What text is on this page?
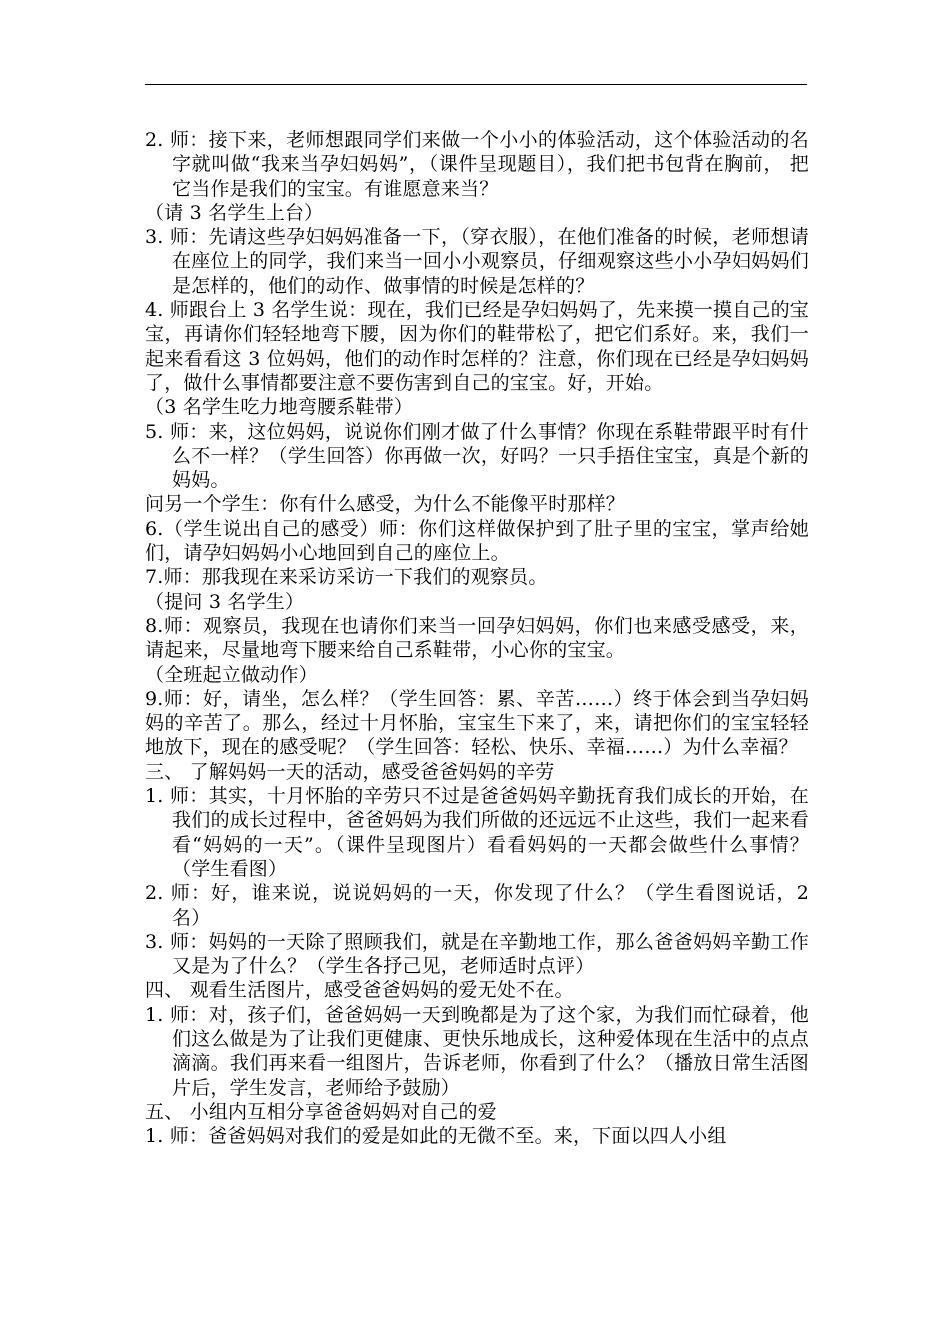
2. 师：接下来，老师想跟同学们来做一个小小的体验活动，这个体验活动的名字就叫做“我来当孕妇妈妈”，（课件呈现题目），我们把书包背在胸前， 把它当作是我们的宝宝。有谁愿意来当？

（请 3 名学生上台）

3. 师：先请这些孕妇妈妈准备一下，（穿衣服），在他们准备的时候，老师想请在座位上的同学，我们来当一回小小观察员，仔细观察这些小小孕妇妈妈们是怎样的，他们的动作、做事情的时候是怎样的？

4. 师跟台上 3 名学生说：现在，我们已经是孕妇妈妈了，先来摸一摸自己的宝宝，再请你们轻轻地弯下腰，因为你们的鞋带松了，把它们系好。来，我们一起来看看这 3 位妈妈，他们的动作时怎样的？注意，你们现在已经是孕妇妈妈了，做什么事情都要注意不要伤害到自己的宝宝。好，开始。

（3 名学生吃力地弯腰系鞋带）

5. 师：来，这位妈妈，说说你们刚才做了什么事情？你现在系鞋带跟平时有什么不一样？（学生回答）你再做一次，好吗？一只手捂住宝宝，真是个新的妈妈。

问另一个学生：你有什么感受，为什么不能像平时那样？

6.（学生说出自己的感受）师：你们这样做保护到了肚子里的宝宝，掌声给她们，请孕妇妈妈小心地回到自己的座位上。

7.师：那我现在来采访采访一下我们的观察员。

（提问 3 名学生）

8.师：观察员，我现在也请你们来当一回孕妇妈妈，你们也来感受感受，来，请起来，尽量地弯下腰来给自己系鞋带，小心你的宝宝。

（全班起立做动作）

9.师：好，请坐，怎么样？（学生回答：累、辛苦……）终于体会到当孕妇妈妈的辛苦了。那么，经过十月怀胎，宝宝生下来了，来，请把你们的宝宝轻轻地放下，现在的感受呢？（学生回答：轻松、快乐、幸福……）为什么幸福？

三、 了解妈妈一天的活动，感受爸爸妈妈的辛劳

1. 师：其实，十月怀胎的辛劳只不过是爸爸妈妈辛勤抚育我们成长的开始，在我们的成长过程中，爸爸妈妈为我们所做的还远远不止这些，我们一起来看看“妈妈的一天”。（课件呈现图片）看看妈妈的一天都会做些什么事情？（学生看图）

2. 师：好，谁来说，说说妈妈的一天，你发现了什么？（学生看图说话，2 名）

3. 师：妈妈的一天除了照顾我们，就是在辛勤地工作，那么爸爸妈妈辛勤工作又是为了什么？（学生各抒己见，老师适时点评）

四、 观看生活图片，感受爸爸妈妈的爱无处不在。

1. 师：对，孩子们，爸爸妈妈一天到晚都是为了这个家，为我们而忙碌着，他们这么做是为了让我们更健康、更快乐地成长，这种爱体现在生活中的点点滴滴。我们再来看一组图片，告诉老师，你看到了什么？（播放日常生活图片后，学生发言，老师给予鼓励）

五、 小组内互相分享爸爸妈妈对自己的爱

1. 师：爸爸妈妈对我们的爱是如此的无微不至。来，下面以四人小组
